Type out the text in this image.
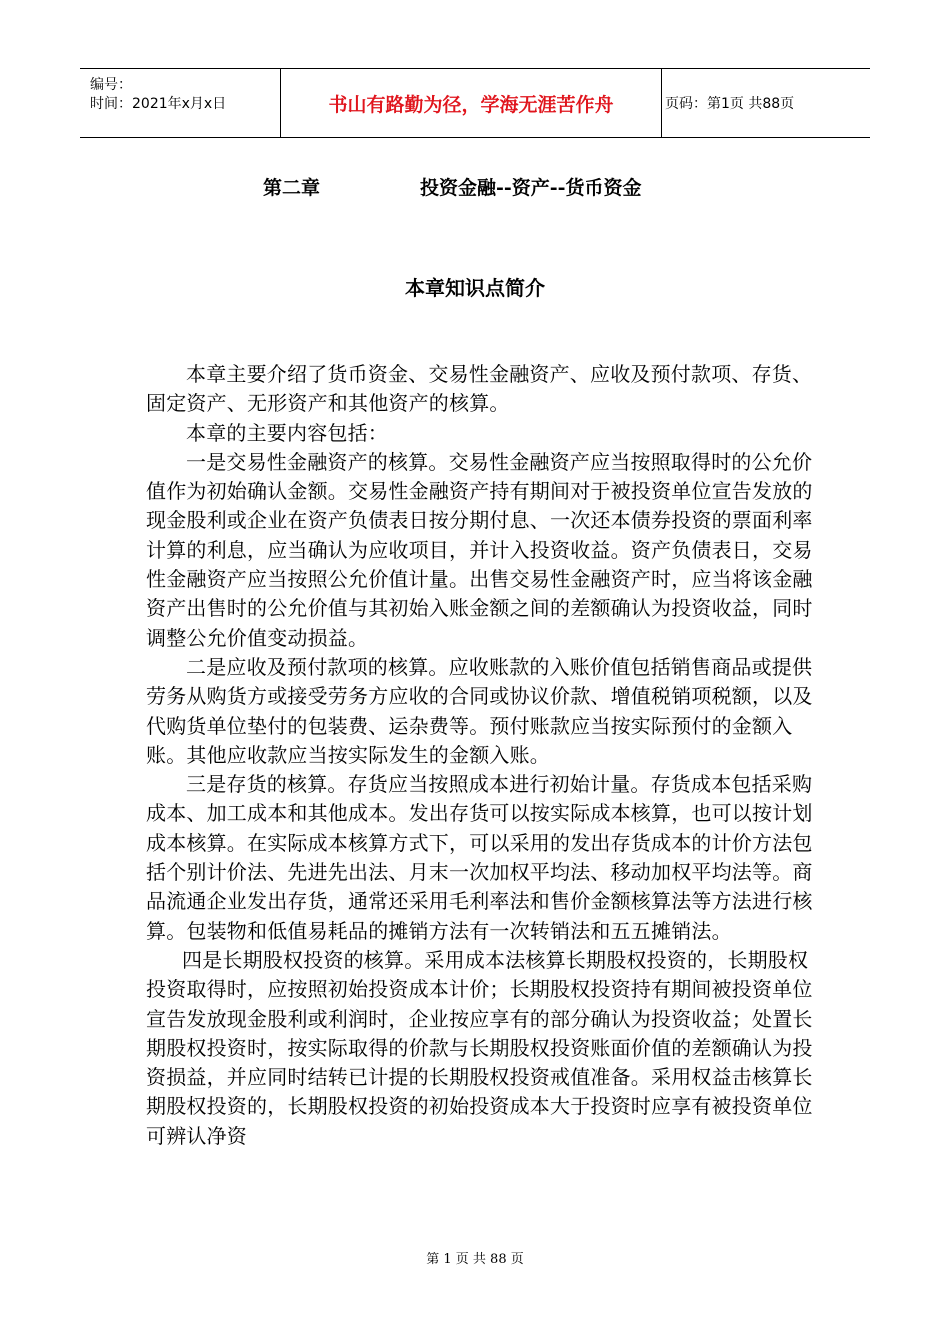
编号：
时间：2021年x月x日	书山有路勤为径，学海无涯苦作舟	页码：第1页 共88页
第二章	投资金融--资产--货币资金
本章知识点简介

本章主要介绍了货币资金、交易性金融资产、应收及预付款项、存货、固定资产、无形资产和其他资产的核算。

本章的主要内容包括：

一是交易性金融资产的核算。交易性金融资产应当按照取得时的公允价值作为初始确认金额。交易性金融资产持有期间对于被投资单位宣告发放的现金股利或企业在资产负债表日按分期付息、一次还本债券投资的票面利率计算的利息，应当确认为应收项目，并计入投资收益。资产负债表日，交易性金融资产应当按照公允价值计量。出售交易性金融资产时，应当将该金融资产出售时的公允价值与其初始入账金额之间的差额确认为投资收益，同时调整公允价值变动损益。

二是应收及预付款项的核算。应收账款的入账价值包括销售商品或提供劳务从购货方或接受劳务方应收的合同或协议价款、增值税销项税额，以及代购货单位垫付的包装费、运杂费等。预付账款应当按实际预付的金额入账。其他应收款应当按实际发生的金额入账。

三是存货的核算。存货应当按照成本进行初始计量。存货成本包括采购成本、加工成本和其他成本。发出存货可以按实际成本核算，也可以按计划成本核算。在实际成本核算方式下，可以采用的发出存货成本的计价方法包括个别计价法、先进先出法、月末一次加权平均法、移动加权平均法等。商品流通企业发出存货，通常还采用毛利率法和售价金额核算法等方法进行核算。包装物和低值易耗品的摊销方法有一次转销法和五五摊销法。

四是长期股权投资的核算。采用成本法核算长期股权投资的，长期股权投资取得时，应按照初始投资成本计价；长期股权投资持有期间被投资单位宣告发放现金股利或利润时，企业按应享有的部分确认为投资收益；处置长期股权投资时，按实际取得的价款与长期股权投资账面价值的差额确认为投资损益，并应同时结转已计提的长期股权投资戒值准备。采用权益击核算长期股权投资的，长期股权投资的初始投资成本大于投资时应享有被投资单位可辨认净资

第 1 页 共 88 页
